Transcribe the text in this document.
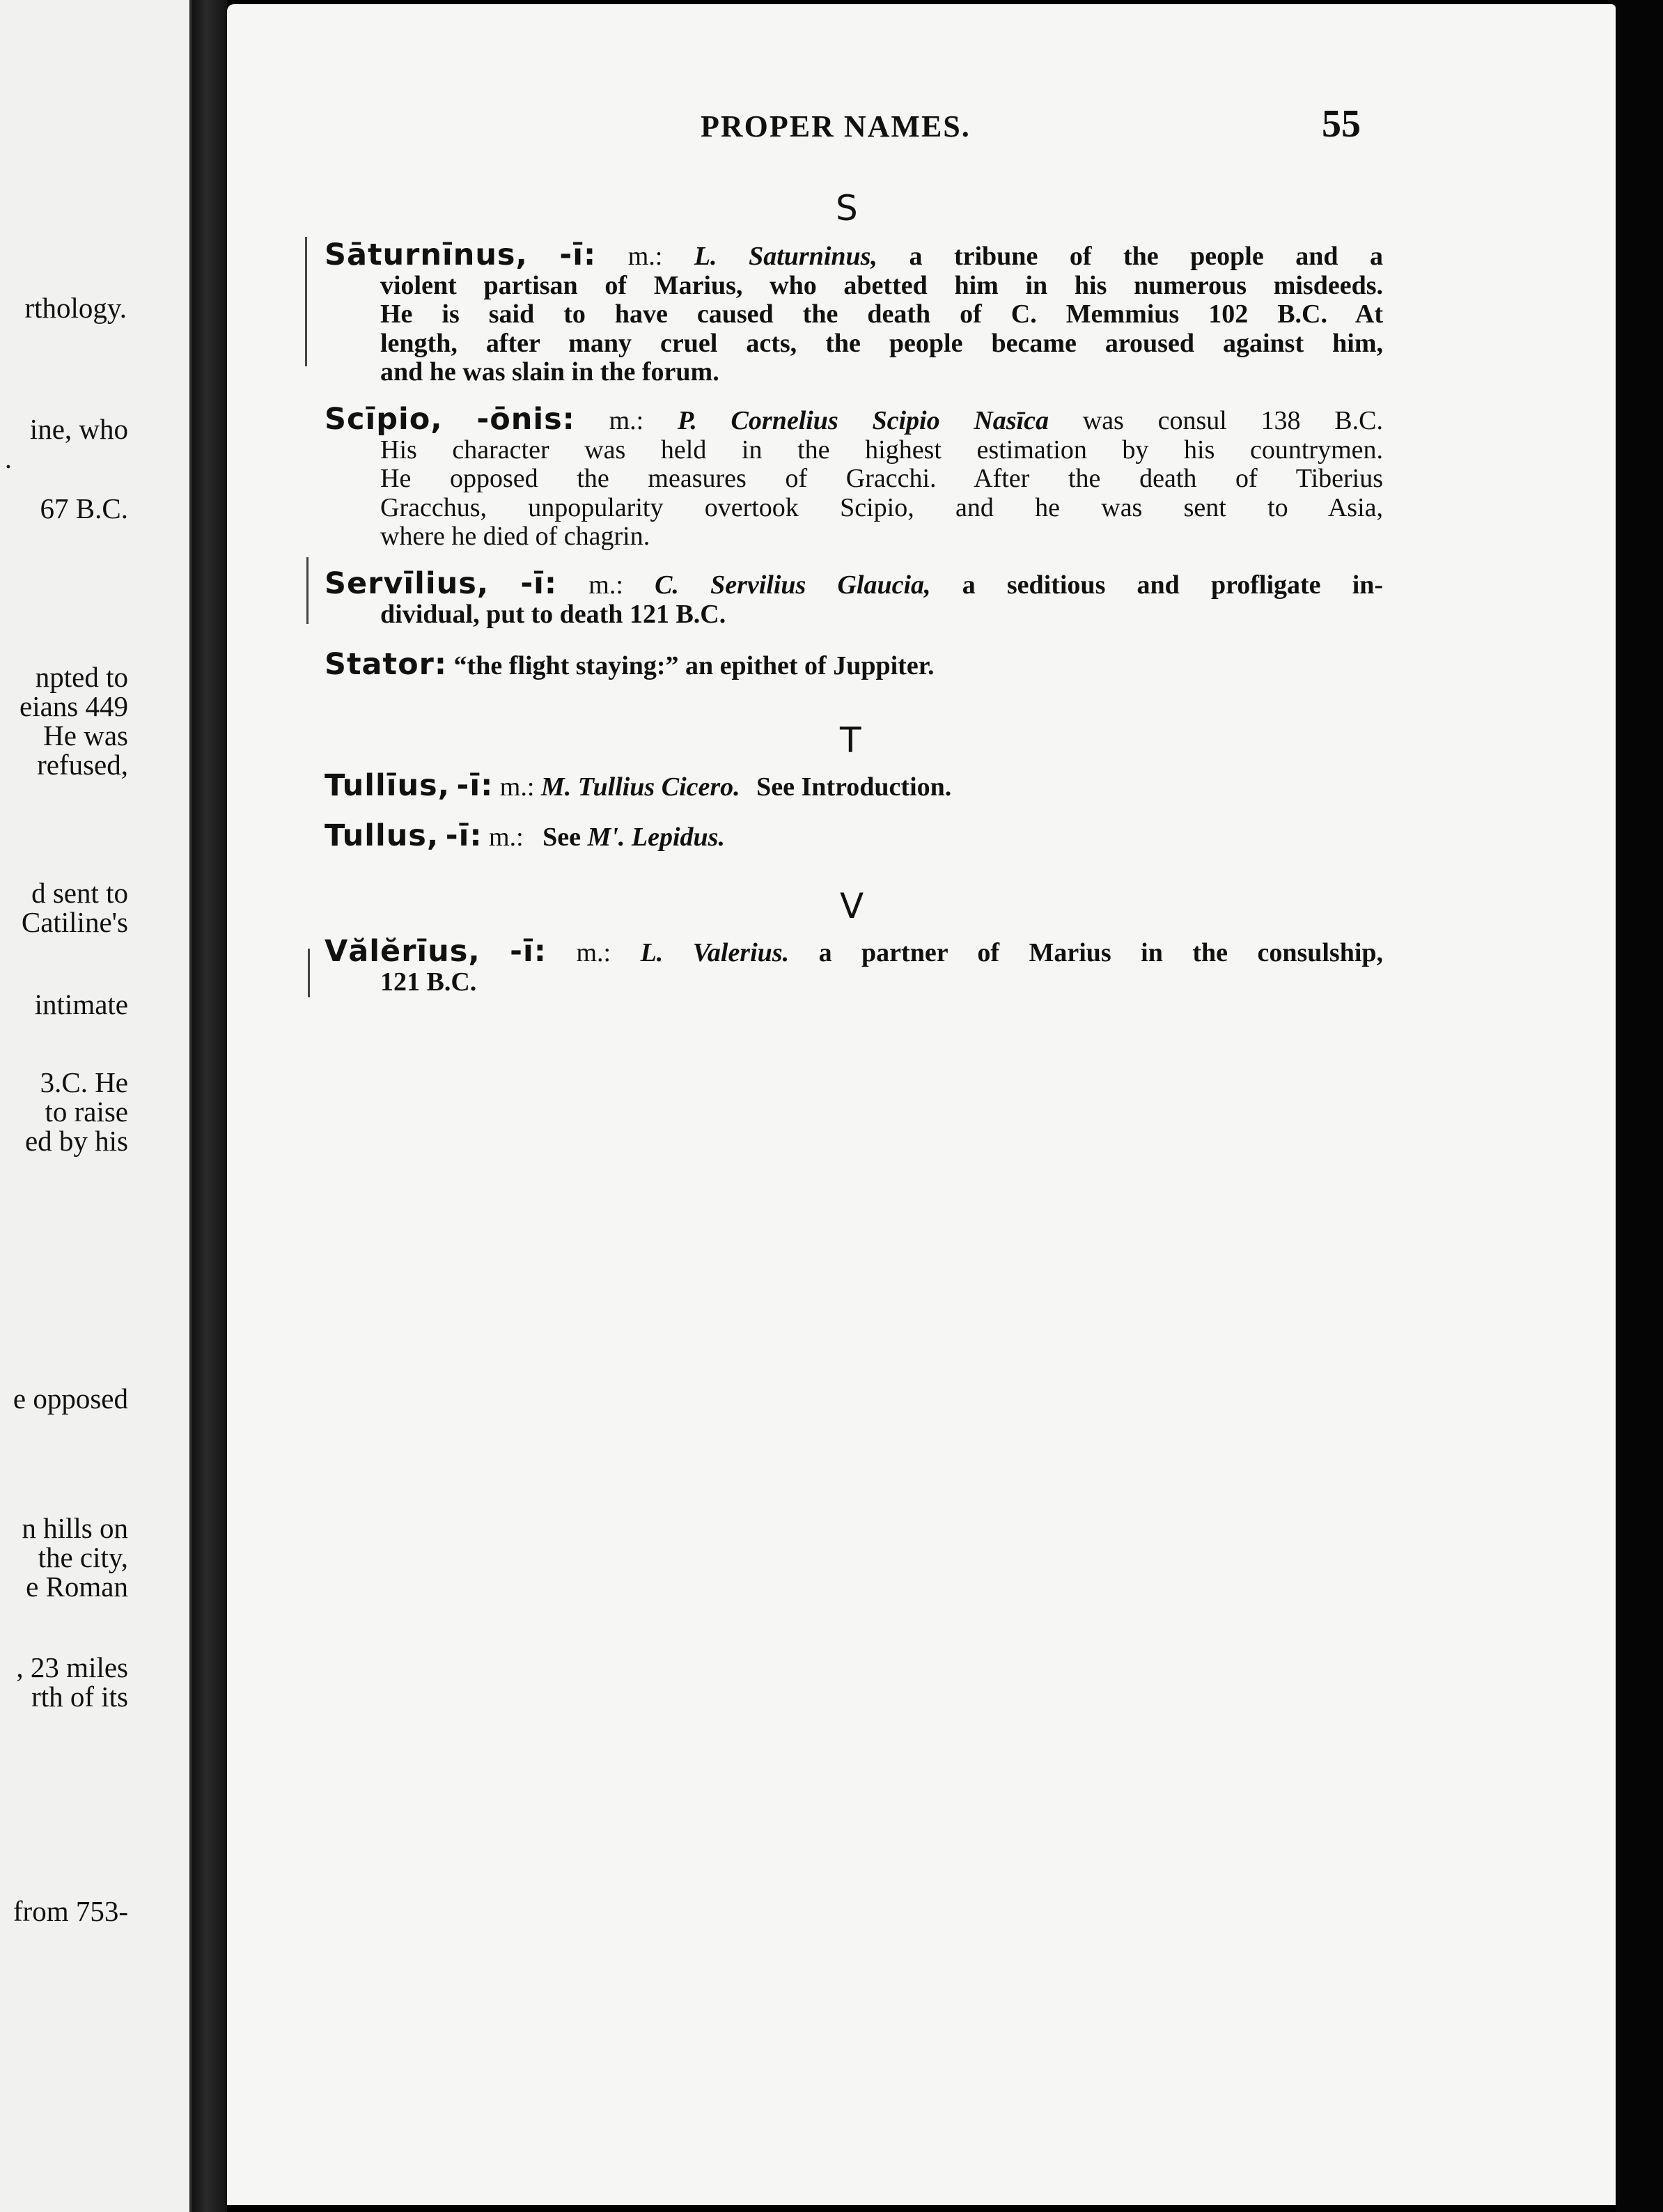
rthology.
ine, who
.
67 B.C.
npted to
eians 449
He was
refused,
d sent to
Catiline's
intimate
3.C. He
to raise
ed by his
e opposed
n hills on
the city,
e Roman
, 23 miles
rth of its
from 753-
PROPER NAMES.	55
S
Sāturnīnus, -ī: m.: L. Saturninus, a tribune of the people and a
violent partisan of Marius, who abetted him in his numerous misdeeds.
He is said to have caused the death of C. Memmius 102 B.C. At
length, after many cruel acts, the people became aroused against him,
and he was slain in the forum.
Scīpio, -ōnis: m.: P. Cornelius Scipio Nasīca was consul 138 B.C.
His character was held in the highest estimation by his countrymen.
He opposed the measures of Gracchi. After the death of Tiberius
Gracchus, unpopularity overtook Scipio, and he was sent to Asia,
where he died of chagrin.
Servīlius, -ī: m.: C. Servilius Glaucia, a seditious and profligate in-
dividual, put to death 121 B.C.
Stator: “the flight staying:” an epithet of Juppiter.
T
Tullīus, -ī: m.: M. Tullius Cicero. See Introduction.
Tullus, -ī: m.: See M'. Lepidus.
V
Vălĕrīus, -ī: m.: L. Valerius. a partner of Marius in the consulship,
121 B.C.
